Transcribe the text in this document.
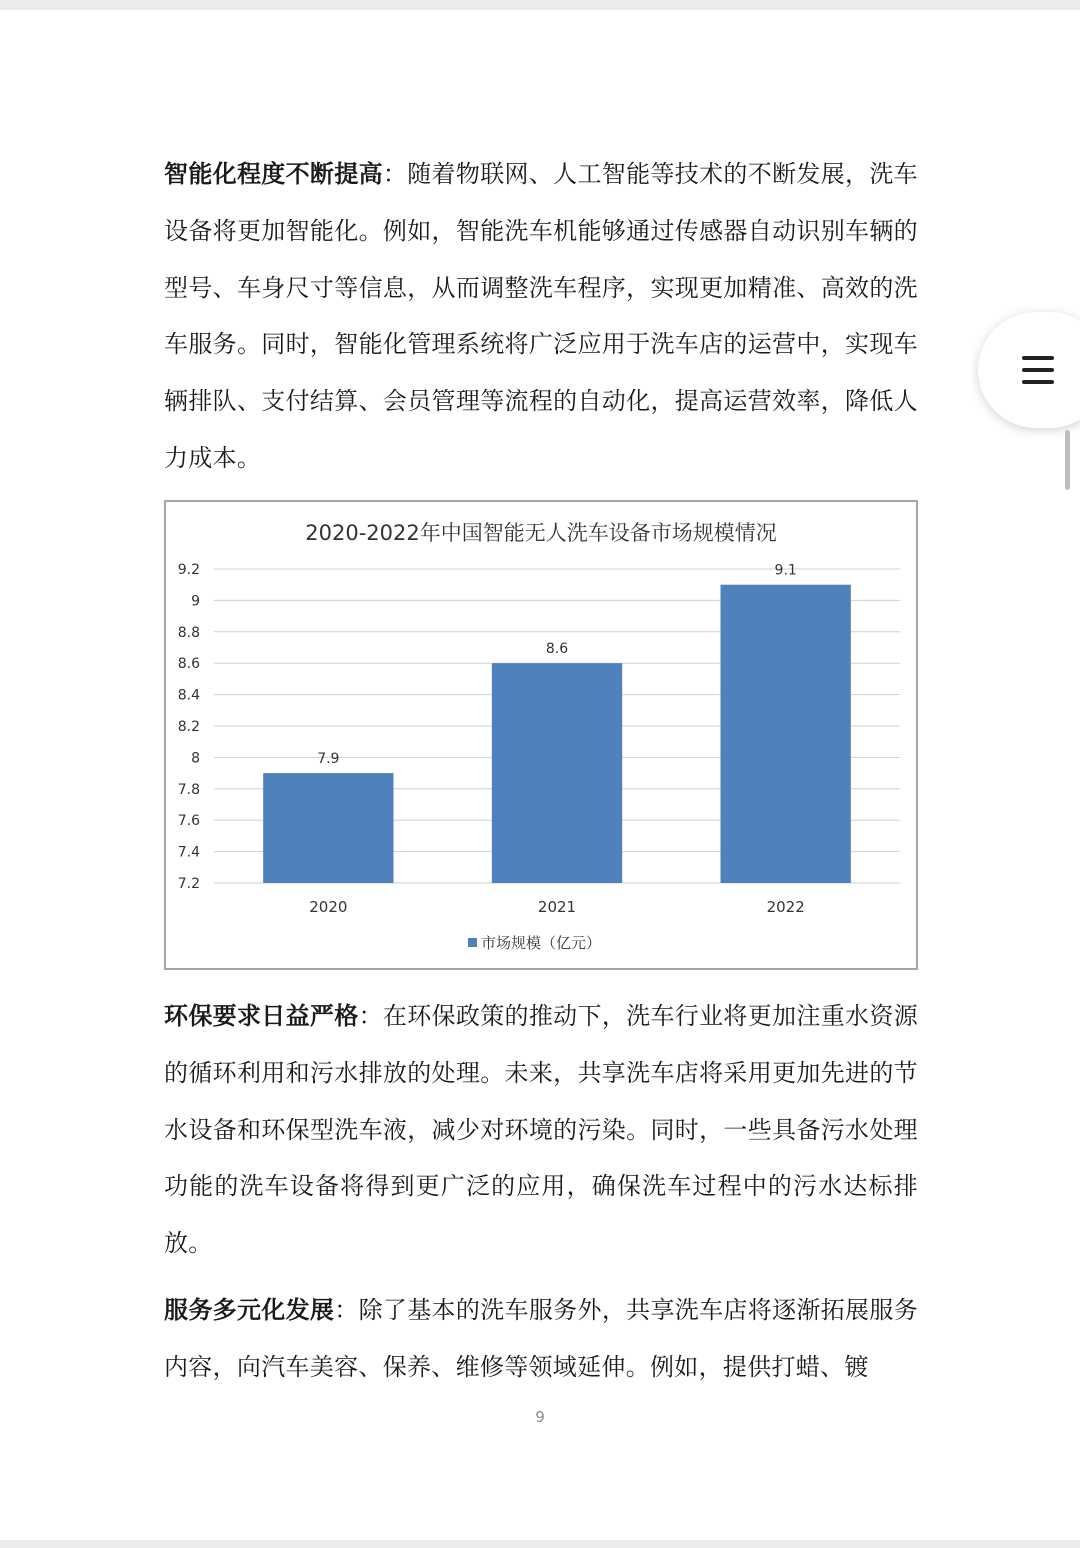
智能化程度不断提高：随着物联网、人工智能等技术的不断发展，洗车设备将更加智能化。例如，智能洗车机能够通过传感器自动识别车辆的型号、车身尺寸等信息，从而调整洗车程序，实现更加精准、高效的洗车服务。同时，智能化管理系统将广泛应用于洗车店的运营中，实现车辆排队、支付结算、会员管理等流程的自动化，提高运营效率，降低人力成本。

2020-2022年中国智能无人洗车设备市场规模情况
7.2
7.4
7.6
7.8
8
8.2
8.4
8.6
8.8
9
9.2
7.9
2020
8.6
2021
9.1
2022
市场规模（亿元）

环保要求日益严格：在环保政策的推动下，洗车行业将更加注重水资源的循环利用和污水排放的处理。未来，共享洗车店将采用更加先进的节水设备和环保型洗车液，减少对环境的污染。同时，一些具备污水处理功能的洗车设备将得到更广泛的应用，确保洗车过程中的污水达标排放。

服务多元化发展：除了基本的洗车服务外，共享洗车店将逐渐拓展服务内容，向汽车美容、保养、维修等领域延伸。例如，提供打蜡、镀

9
